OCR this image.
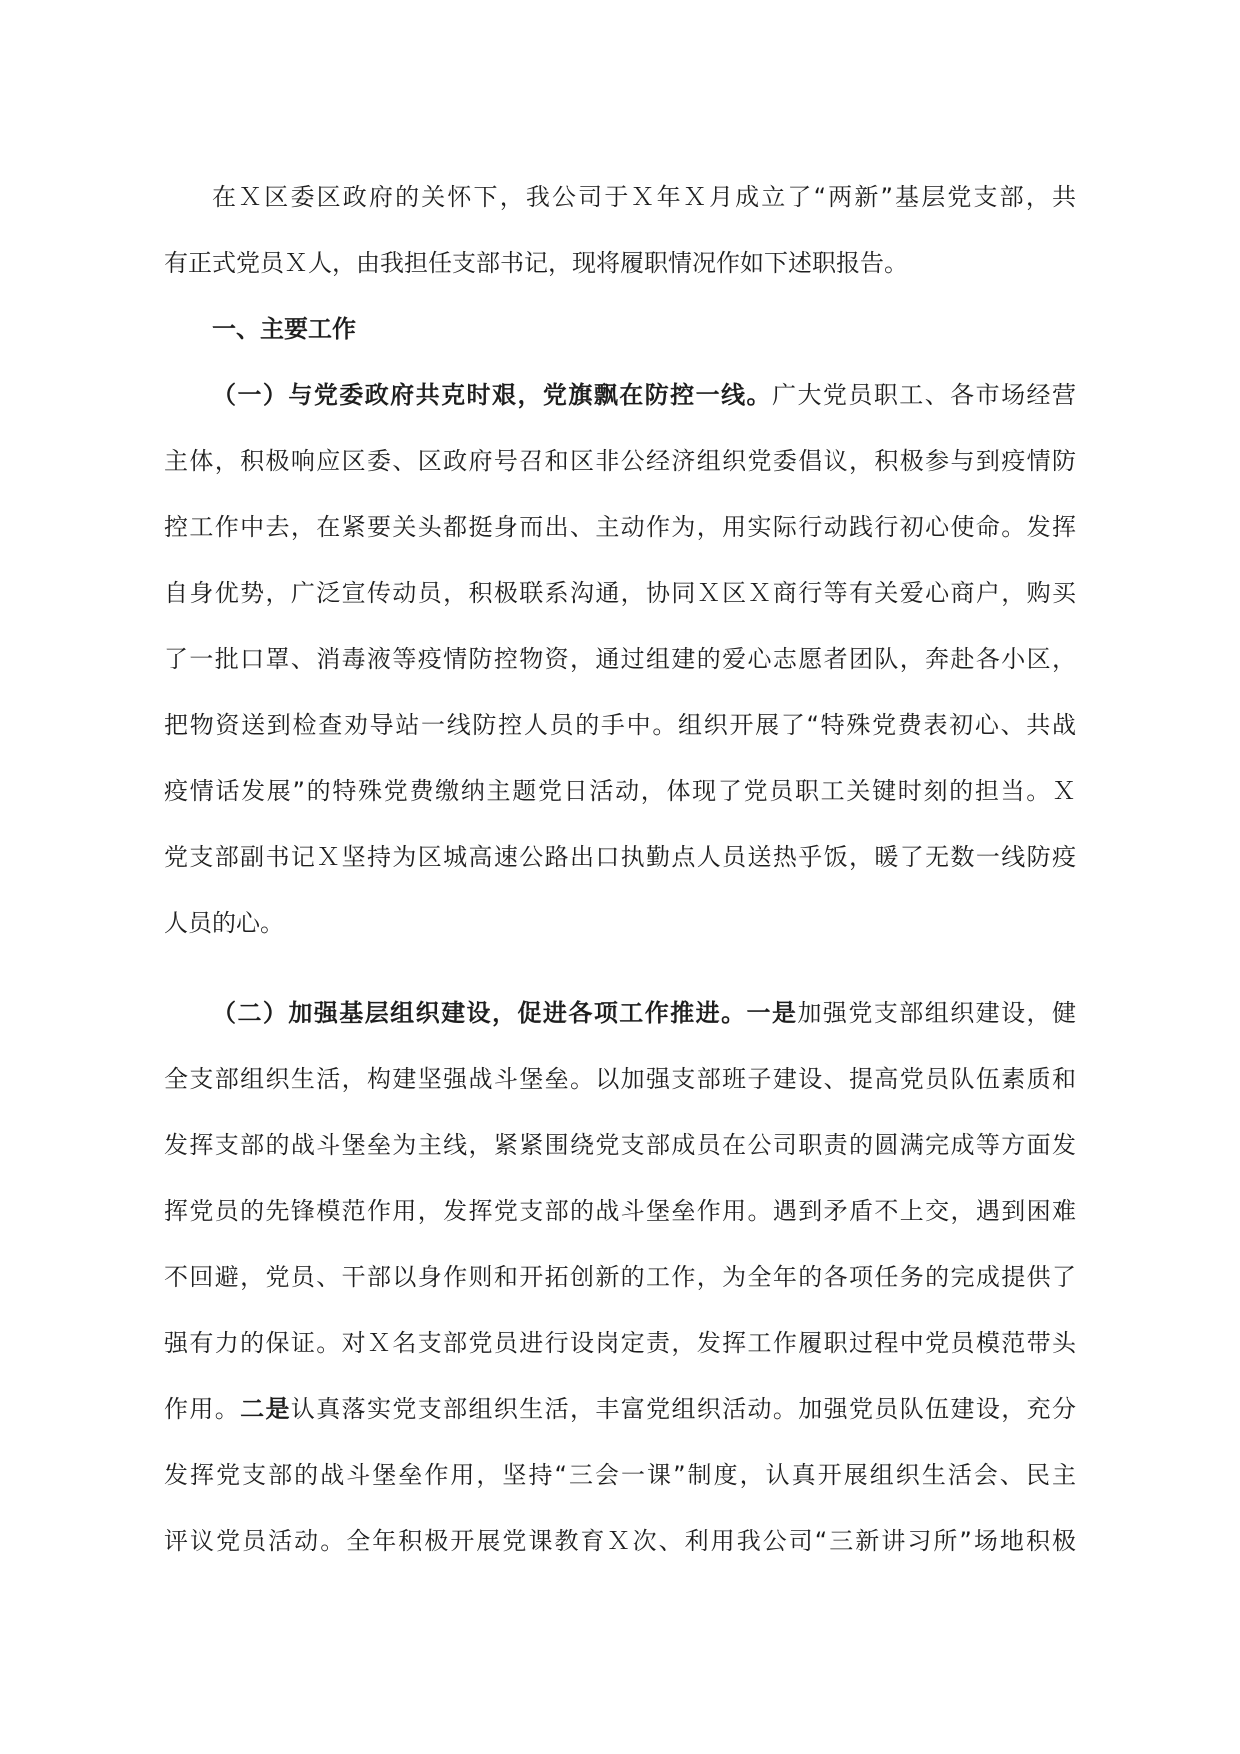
在Ｘ区委区政府的关怀下，我公司于Ｘ年Ｘ月成立了“两新”基层党支部，共
有正式党员Ｘ人，由我担任支部书记，现将履职情况作如下述职报告。
一、主要工作
（一）与党委政府共克时艰，党旗飘在防控一线。广大党员职工、各市场经营
主体，积极响应区委、区政府号召和区非公经济组织党委倡议，积极参与到疫情防
控工作中去，在紧要关头都挺身而出、主动作为，用实际行动践行初心使命。发挥
自身优势，广泛宣传动员，积极联系沟通，协同Ｘ区Ｘ商行等有关爱心商户，购买
了一批口罩、消毒液等疫情防控物资，通过组建的爱心志愿者团队，奔赴各小区，
把物资送到检查劝导站一线防控人员的手中。组织开展了“特殊党费表初心、共战
疫情话发展”的特殊党费缴纳主题党日活动，体现了党员职工关键时刻的担当。Ｘ
党支部副书记Ｘ坚持为区城高速公路出口执勤点人员送热乎饭，暖了无数一线防疫
人员的心。
（二）加强基层组织建设，促进各项工作推进。一是加强党支部组织建设，健
全支部组织生活，构建坚强战斗堡垒。以加强支部班子建设、提高党员队伍素质和
发挥支部的战斗堡垒为主线，紧紧围绕党支部成员在公司职责的圆满完成等方面发
挥党员的先锋模范作用，发挥党支部的战斗堡垒作用。遇到矛盾不上交，遇到困难
不回避，党员、干部以身作则和开拓创新的工作，为全年的各项任务的完成提供了
强有力的保证。对Ｘ名支部党员进行设岗定责，发挥工作履职过程中党员模范带头
作用。二是认真落实党支部组织生活，丰富党组织活动。加强党员队伍建设，充分
发挥党支部的战斗堡垒作用，坚持“三会一课”制度，认真开展组织生活会、民主
评议党员活动。全年积极开展党课教育Ｘ次、利用我公司“三新讲习所”场地积极
